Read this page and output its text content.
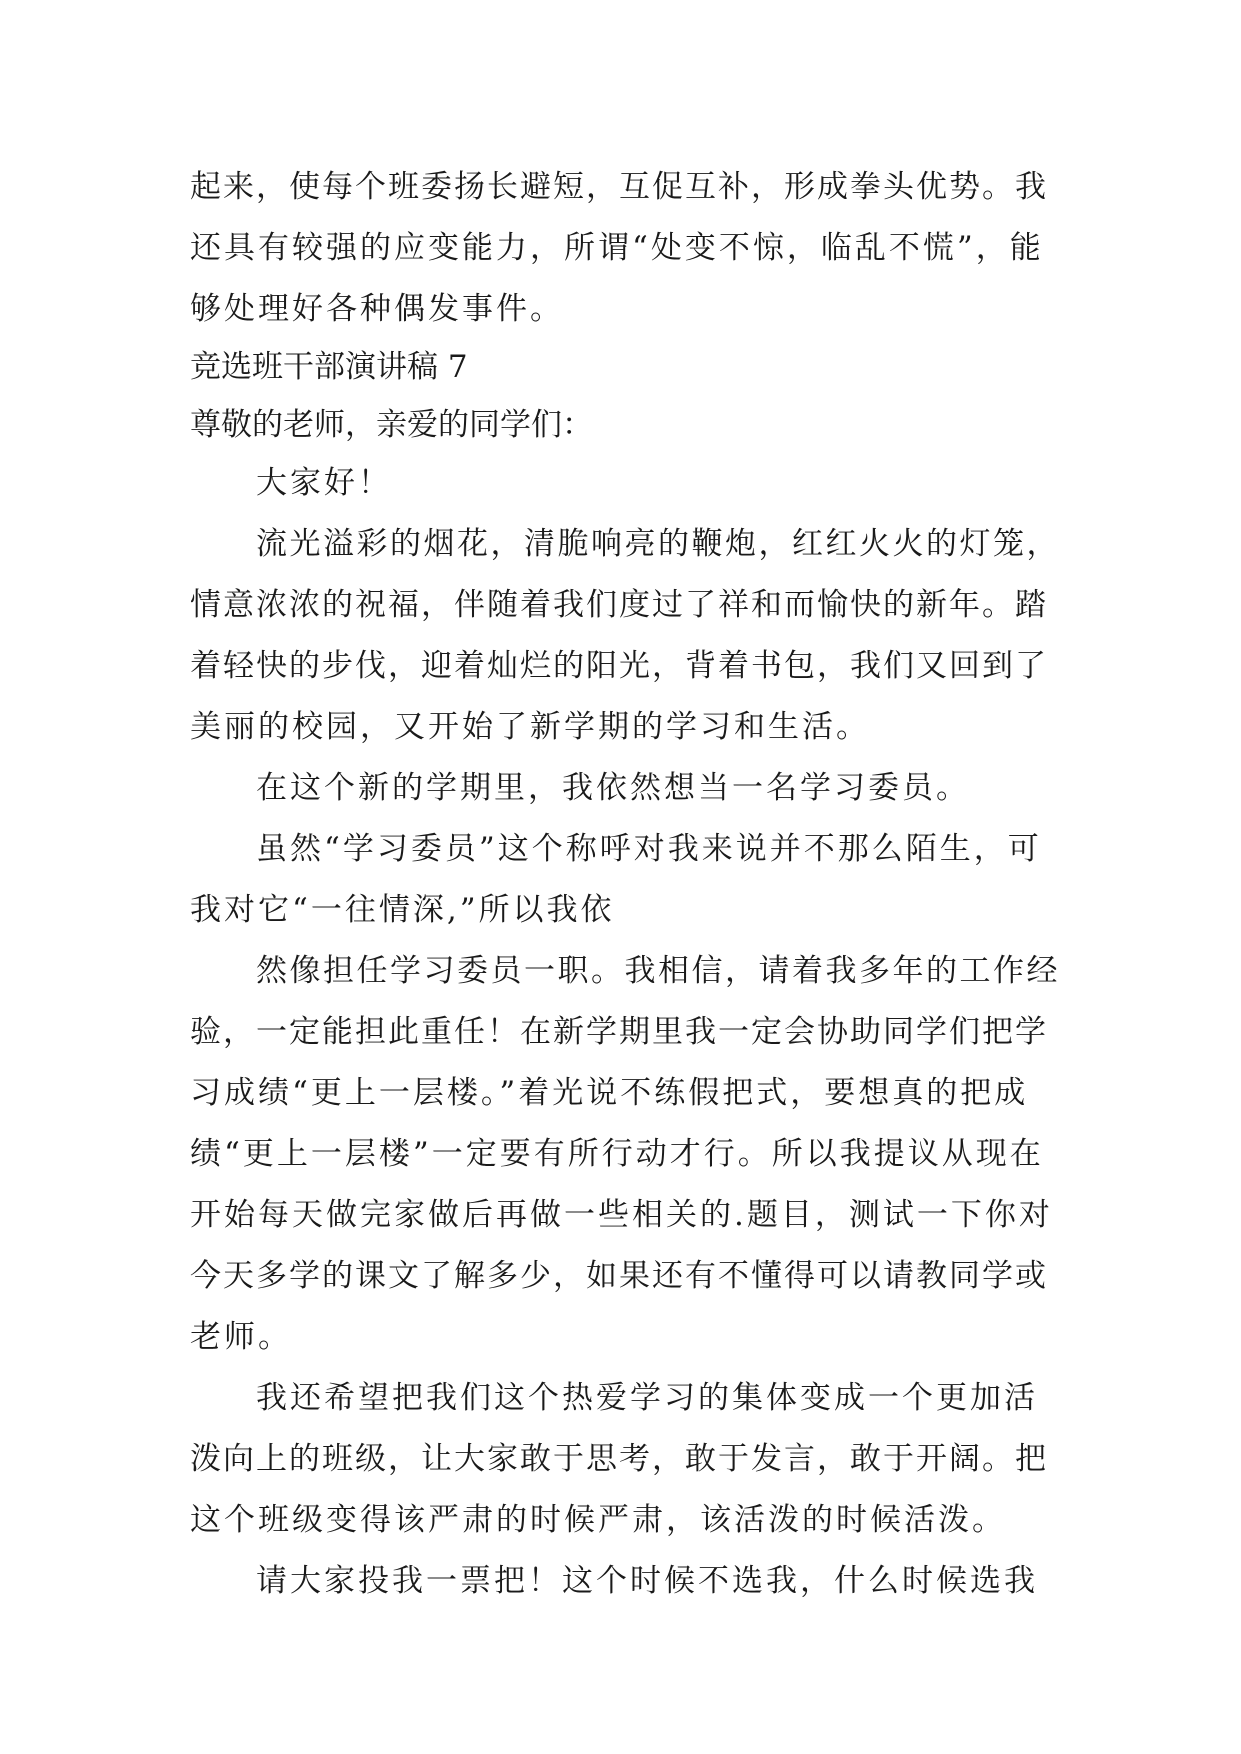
起来，使每个班委扬长避短，互促互补，形成拳头优势。我

还具有较强的应变能力，所谓“处变不惊，临乱不慌”，能

够处理好各种偶发事件。

竞选班干部演讲稿 7

尊敬的老师，亲爱的同学们：

大家好！

流光溢彩的烟花，清脆响亮的鞭炮，红红火火的灯笼，

情意浓浓的祝福，伴随着我们度过了祥和而愉快的新年。踏

着轻快的步伐，迎着灿烂的阳光，背着书包，我们又回到了

美丽的校园，又开始了新学期的学习和生活。

在这个新的学期里，我依然想当一名学习委员。

虽然“学习委员”这个称呼对我来说并不那么陌生，可

我对它“一往情深,”所以我依

然像担任学习委员一职。我相信，请着我多年的工作经

验，一定能担此重任！在新学期里我一定会协助同学们把学

习成绩“更上一层楼。”着光说不练假把式，要想真的把成

绩“更上一层楼”一定要有所行动才行。所以我提议从现在

开始每天做完家做后再做一些相关的.题目，测试一下你对

今天多学的课文了解多少，如果还有不懂得可以请教同学或

老师。

我还希望把我们这个热爱学习的集体变成一个更加活

泼向上的班级，让大家敢于思考，敢于发言，敢于开阔。把

这个班级变得该严肃的时候严肃，该活泼的时候活泼。

请大家投我一票把！这个时候不选我，什么时候选我
